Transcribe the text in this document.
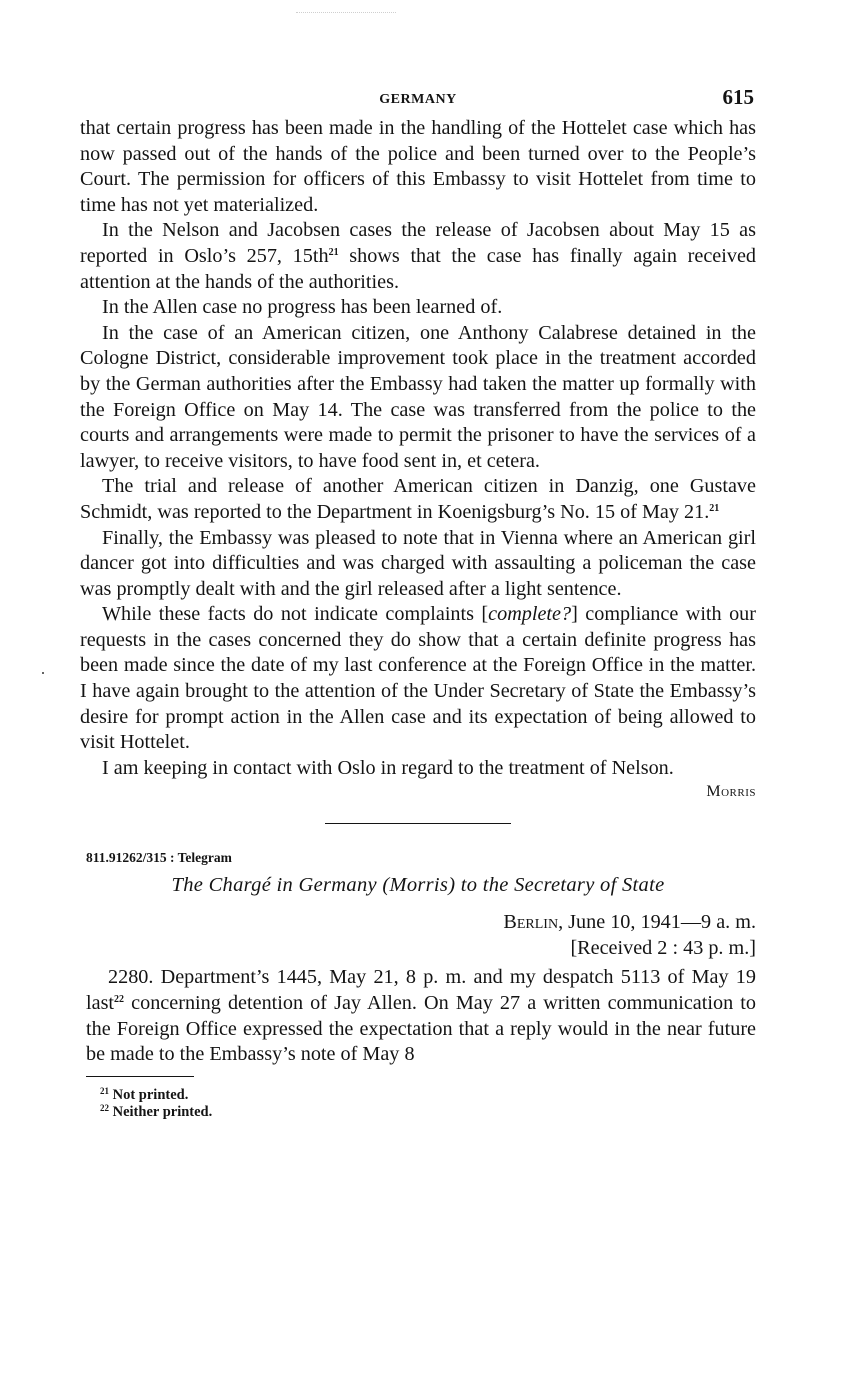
GERMANY	615

that certain progress has been made in the handling of the Hottelet case which has now passed out of the hands of the police and been turned over to the People’s Court. The permission for officers of this Embassy to visit Hottelet from time to time has not yet materialized.

In the Nelson and Jacobsen cases the release of Jacobsen about May 15 as reported in Oslo’s 257, $15th^{21}$ shows that the case has finally again received attention at the hands of the authorities.

In the Allen case no progress has been learned of.

In the case of an American citizen, one Anthony Calabrese detained in the Cologne District, considerable improvement took place in the treatment accorded by the German authorities after the Embassy had taken the matter up formally with the Foreign Office on May 14. The case was transferred from the police to the courts and arrangements were made to permit the prisoner to have the services of a lawyer, to receive visitors, to have food sent in, et cetera.

The trial and release of another American citizen in Danzig, one Gustave Schmidt, was reported to the Department in Koenigsburg’s No. 15 of May 21.21

Finally, the Embassy was pleased to note that in Vienna where an American girl dancer got into difficulties and was charged with assaulting a policeman the case was promptly dealt with and the girl released after a light sentence.

While these facts do not indicate complaints [complete?] compliance with our requests in the cases concerned they do show that a certain definite progress has been made since the date of my last conference at the Foreign Office in the matter. I have again brought to the attention of the Under Secretary of State the Embassy’s desire for prompt action in the Allen case and its expectation of being allowed to visit Hottelet.

I am keeping in contact with Oslo in regard to the treatment of Nelson.

Morris
811.91262/315 : Telegram
The Chargé in Germany (Morris) to the Secretary of State
Berlin, June 10, 1941—9 a. m.
[Received 2 : 43 p. m.]

2280. Department’s 1445, May 21, 8 p. m. and my despatch 5113 of May 19 last$^{22}$ concerning detention of Jay Allen. On May 27 a written communication to the Foreign Office expressed the expectation that a reply would in the near future be made to the Embassy’s note of May 8

$^{21}$ Not printed.
$^{22}$ Neither printed.
